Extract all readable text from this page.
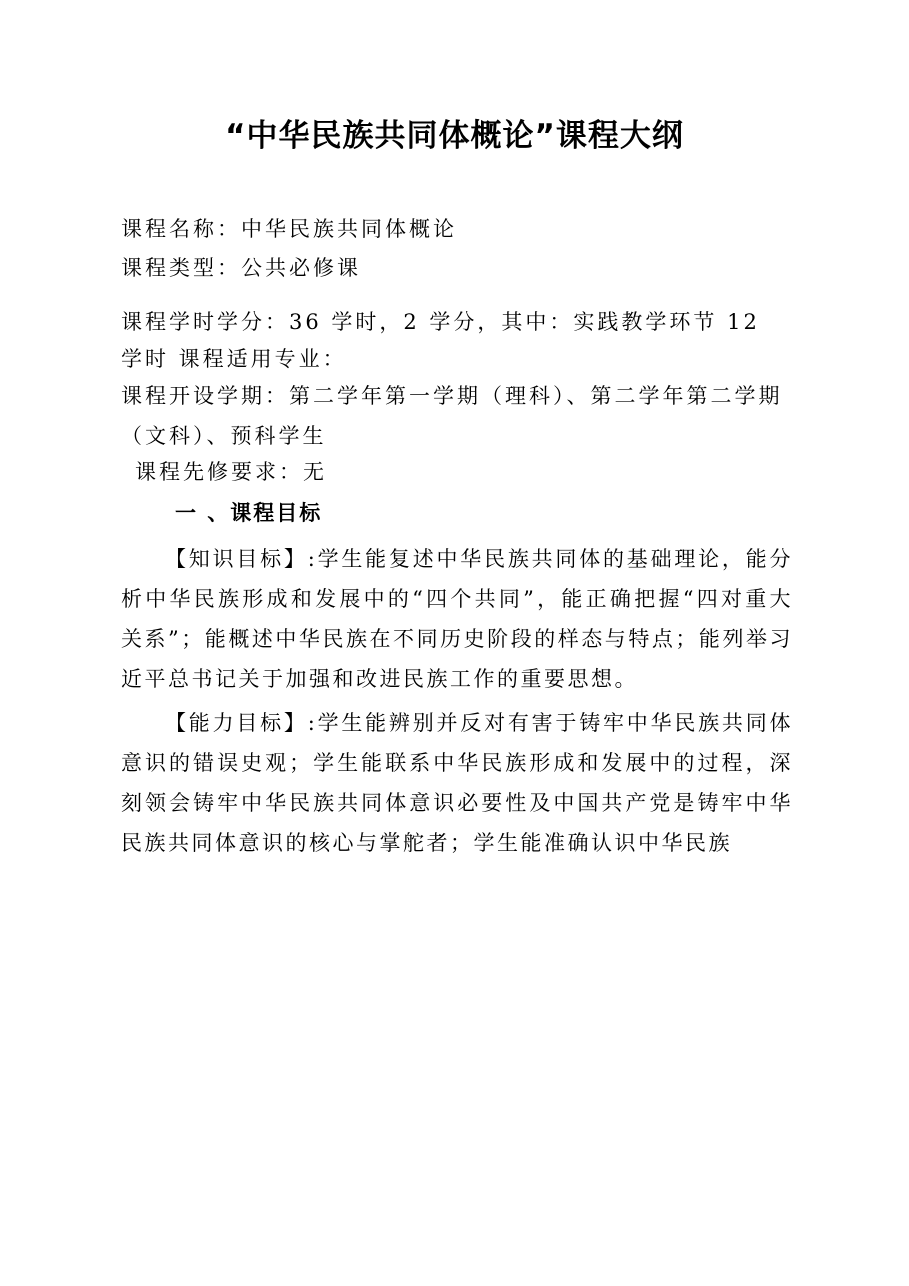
“中华民族共同体概论”课程大纲

课程名称：中华民族共同体概论

课程类型：公共必修课

课程学时学分：36 学时，2 学分，其中：实践教学环节 12 学时 课程适用专业：

课程开设学期：第二学年第一学期（理科）、第二学年第二学期

（文科）、预科学生

课程先修要求：无

一 、课程目标

【知识目标】:学生能复述中华民族共同体的基础理论，能分析中华民族形成和发展中的“四个共同”，能正确把握“四对重大关系”；能概述中华民族在不同历史阶段的样态与特点；能列举习近平总书记关于加强和改进民族工作的重要思想。

【能力目标】:学生能辨别并反对有害于铸牢中华民族共同体意识的错误史观；学生能联系中华民族形成和发展中的过程，深刻领会铸牢中华民族共同体意识必要性及中国共产党是铸牢中华民族共同体意识的核心与掌舵者；学生能准确认识中华民族
